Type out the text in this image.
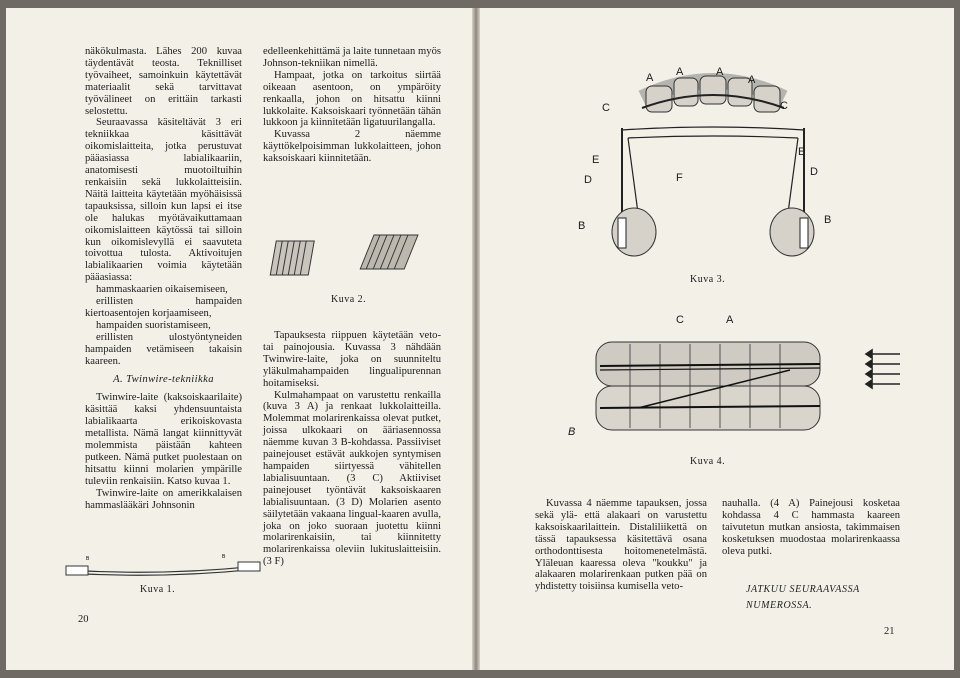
näkökulmasta. Lähes 200 kuvaa täydentävät teosta. Teknilliset työvaiheet, samoinkuin käytettävät materiaalit sekä tarvittavat työvälineet on erittäin tarkasti selostettu.

Seuraavassa käsiteltävät 3 eri tekniikkaa käsittävät oikomislaitteita, jotka perustuvat pääasiassa labialikaariin, anatomisesti muotoiltuihin renkaisiin sekä lukkolaitteisiin. Näitä laitteita käytetään myöhäisissä tapauksissa, silloin kun lapsi ei itse ole halukas myötävaikuttamaan oikomislaitteen käytössä tai silloin kun oikomislevyllä ei saavuteta toivottua tulosta. Aktivoitujen labialikaarien voimia käytetään pääasiassa:

hammaskaarien oikaisemiseen,

erillisten hampaiden kiertoasentojen korjaamiseen,

hampaiden suoristamiseen,

erillisten ulostyöntyneiden hampaiden vetämiseen takaisin kaareen.

A. Twinwire-tekniikka

Twinwire-laite (kaksoiskaarilaite) käsittää kaksi yhdensuuntaista labialikaarta erikoiskovasta metallista. Nämä langat kiinnittyvät molemmista päistään kahteen putkeen. Nämä putket puolestaan on hitsattu kiinni molarien ympärille tuleviin renkaisiin. Katso kuvaa 1.

Twinwire-laite on amerikkalaisen hammaslääkäri Johnsonin

B	B
Kuva 1.

edelleenkehittämä ja laite tunnetaan myös Johnson-tekniikan nimellä.

Hampaat, jotka on tarkoitus siirtää oikeaan asentoon, on ympäröity renkaalla, johon on hitsattu kiinni lukkolaite. Kaksoiskaari työnnetään tähän lukkoon ja kiinnitetään ligatuurilangalla.

Kuvassa 2 näemme käyttökelpoisimman lukkolaitteen, johon kaksoiskaari kiinnitetään.

Kuva 2.

Tapauksesta riippuen käytetään veto- tai painojousia. Kuvassa 3 nähdään Twinwire-laite, joka on suunniteltu yläkulmahampaiden lingualipurennan hoitamiseksi.

Kulmahampaat on varustettu renkailla (kuva 3 A) ja renkaat lukkolaitteilla. Molemmat molarirenkaissa olevat putket, joissa ulkokaari on ääriasennossa näemme kuvan 3 B-kohdassa. Passiiviset painejouset estävät aukkojen syntymisen hampaiden siirtyessä vähitellen labialisuuntaan. (3 C) Aktiiviset painejouset työntävät kaksoiskaaren labialisuuntaan. (3 D) Molarien asento säilytetään vakaana lingual-kaaren avulla, joka on joko suoraan juotettu kiinni molarirenkaisiin, tai kiinnitetty molarirenkaissa oleviin lukituslaitteisiin. (3 F)

20
A A	A
A
C	C
E
D
E
D
F
B	B
Kuva 3.
C	A
B
Kuva 4.

Kuvassa 4 näemme tapauksen, jossa sekä ylä- että alakaari on varustettu kaksoiskaarilaittein. Distaliliikettä on tässä tapauksessa käsitettävä osana orthodonttisesta hoitomenetelmästä. Yläleuan kaaressa oleva "koukku" ja alakaaren molarirenkaan putken pää on yhdistetty toisiinsa kumisella veto-

nauhalla. (4 A) Painejousi kosketaa kohdassa 4 C hammasta kaareen taivutetun mutkan ansiosta, takimmaisen kosketuksen muodostaa molarirenkaassa oleva putki.

JATKUU SEURAAVASSA NUMEROSSA.
21
